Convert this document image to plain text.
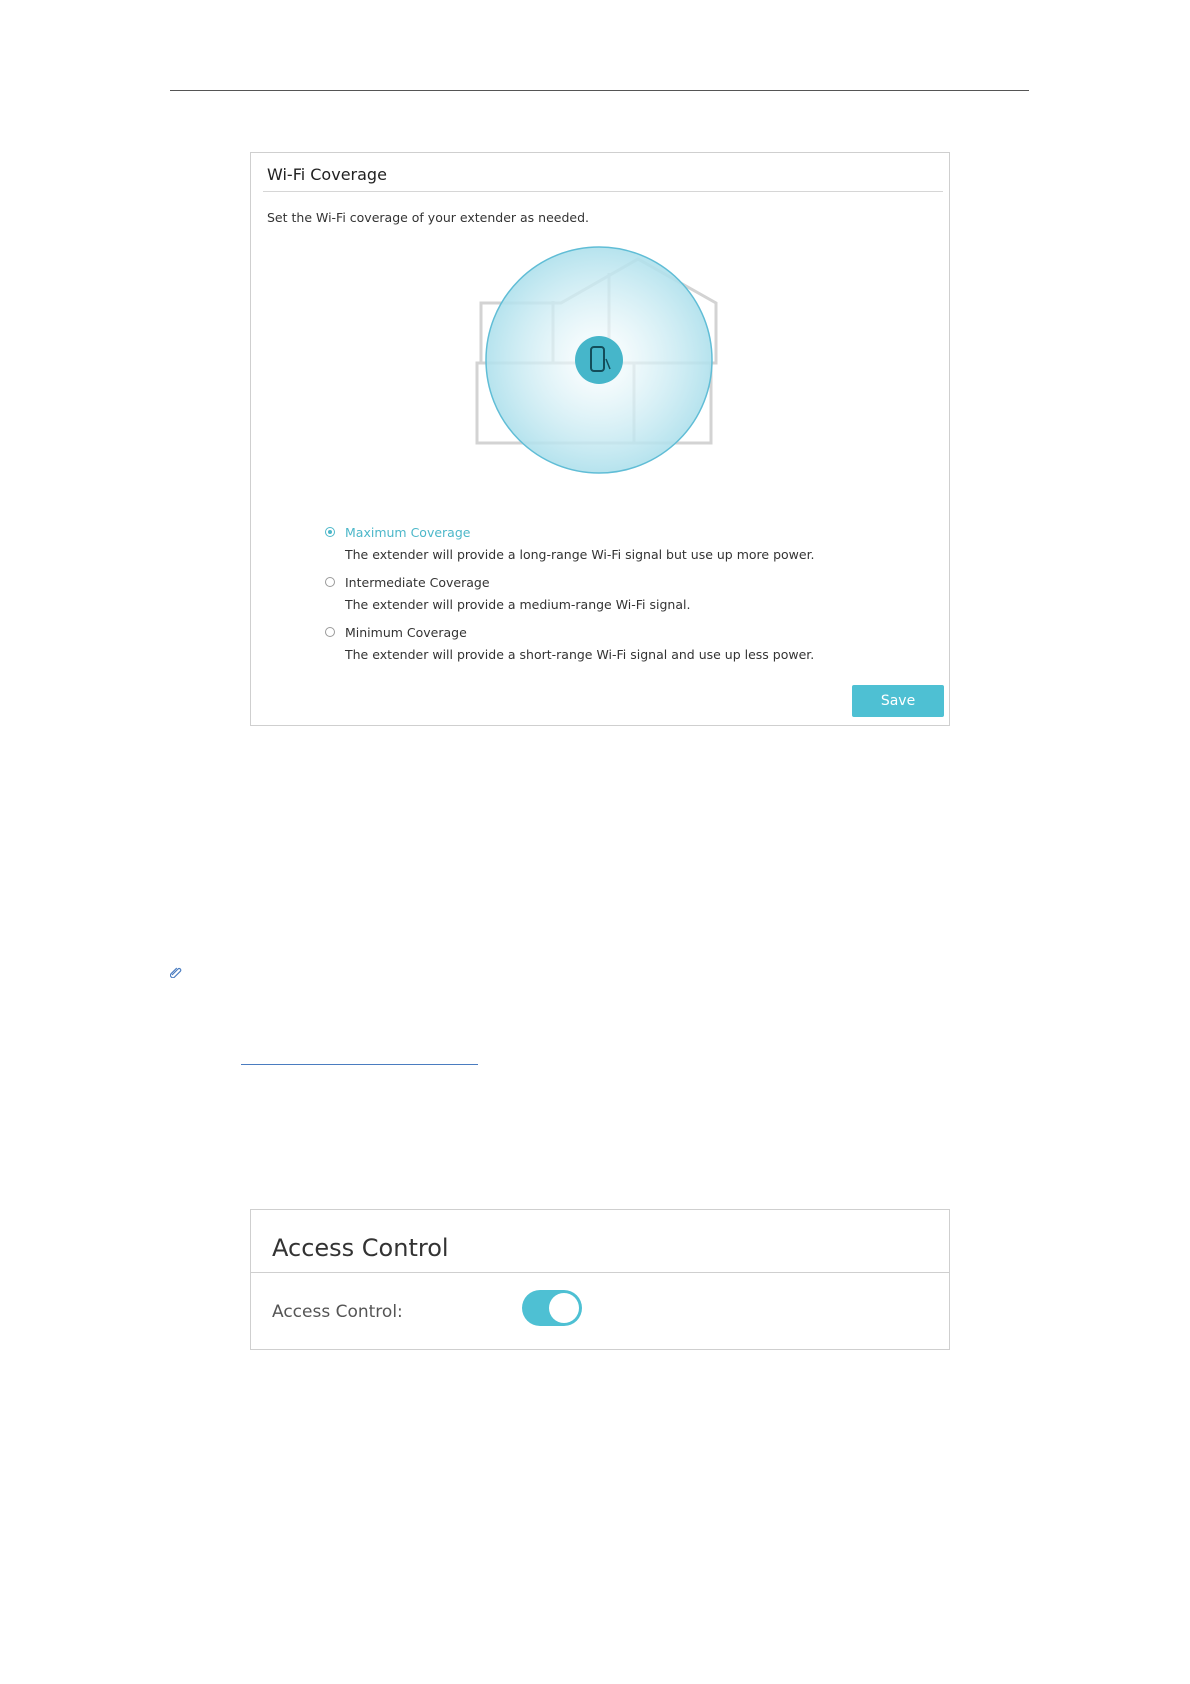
Wi-Fi Coverage
Set the Wi-Fi coverage of your extender as needed.
Maximum Coverage
The extender will provide a long-range Wi-Fi signal but use up more power.
Intermediate Coverage
The extender will provide a medium-range Wi-Fi signal.
Minimum Coverage
The extender will provide a short-range Wi-Fi signal and use up less power.
Save
Access Control
Access Control:
